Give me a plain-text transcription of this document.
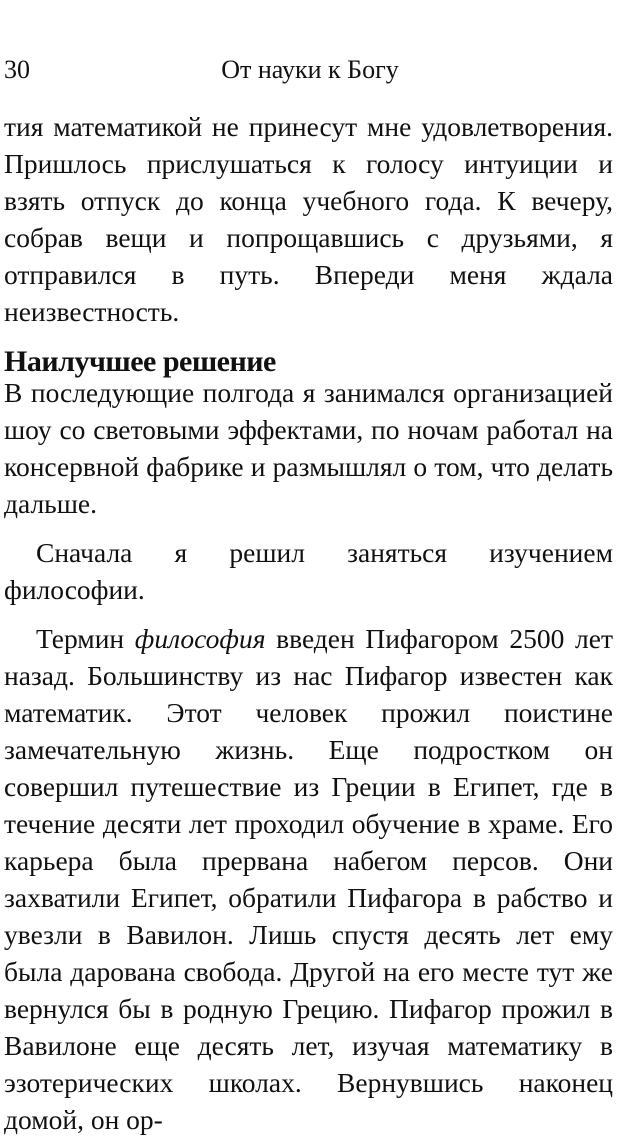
30	От науки к Богу

тия математикой не принесут мне удовлетворения. Пришлось прислушаться к голосу интуиции и взять отпуск до конца учебного года. К вечеру, собрав вещи и попрощавшись с друзьями, я отправился в путь. Впереди меня ждала неизвестность.

Наилучшее решение

В последующие полгода я занимался организацией шоу со световыми эффектами, по ночам работал на консервной фабрике и размышлял о том, что делать дальше.

Сначала я решил заняться изучением философии.

Термин философия введен Пифагором 2500 лет назад. Большинству из нас Пифагор известен как математик. Этот человек прожил поистине замечательную жизнь. Еще подростком он совершил путешествие из Греции в Египет, где в течение десяти лет проходил обучение в храме. Его карьера была прервана набегом персов. Они захватили Египет, обратили Пифагора в рабство и увезли в Вавилон. Лишь спустя десять лет ему была дарована свобода. Другой на его месте тут же вернулся бы в родную Грецию. Пифагор прожил в Вавилоне еще десять лет, изучая математику в эзотерических школах. Вернувшись наконец домой, он ор-
